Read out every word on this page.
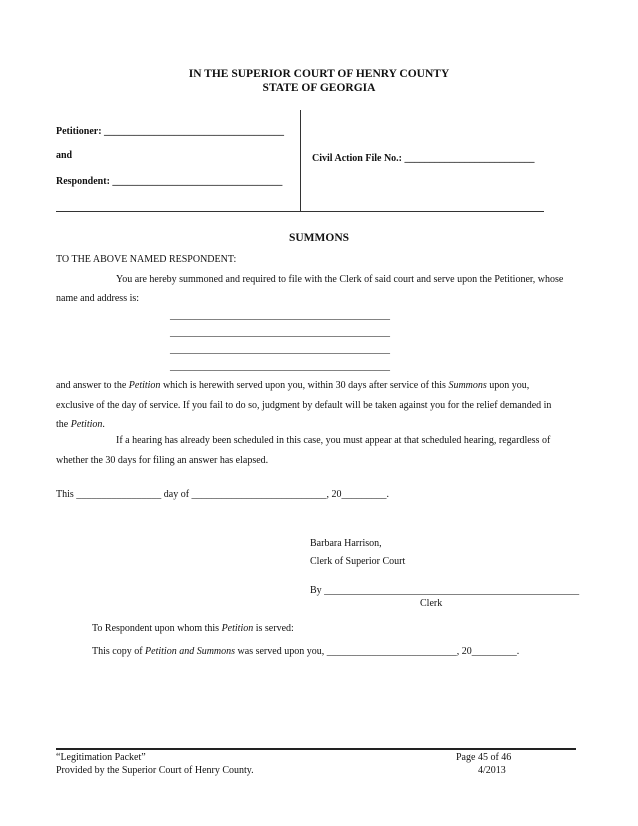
IN THE SUPERIOR COURT OF HENRY COUNTY
STATE OF GEORGIA
Petitioner: ____________________________________
and
Respondent: __________________________________
Civil Action File No.: __________________________
SUMMONS
TO THE ABOVE NAMED RESPONDENT:
You are hereby summoned and required to file with the Clerk of said court and serve upon the Petitioner, whose
name and address is:
____________________________________________
____________________________________________
____________________________________________
____________________________________________
and answer to the Petition which is herewith served upon you, within 30 days after service of this Summons upon you,
exclusive of the day of service. If you fail to do so, judgment by default will be taken against you for the relief demanded in
the Petition.
If a hearing has already been scheduled in this case, you must appear at that scheduled hearing, regardless of
whether the 30 days for filing an answer has elapsed.
This _________________ day of ___________________________, 20_________.
Barbara Harrison,
Clerk of Superior Court
By ___________________________________________________
Clerk
To Respondent upon whom this Petition is served:
This copy of Petition and Summons was served upon you, __________________________, 20_________.
“Legitimation Packet”
Provided by the Superior Court of Henry County.
Page 45 of 46
4/2013
